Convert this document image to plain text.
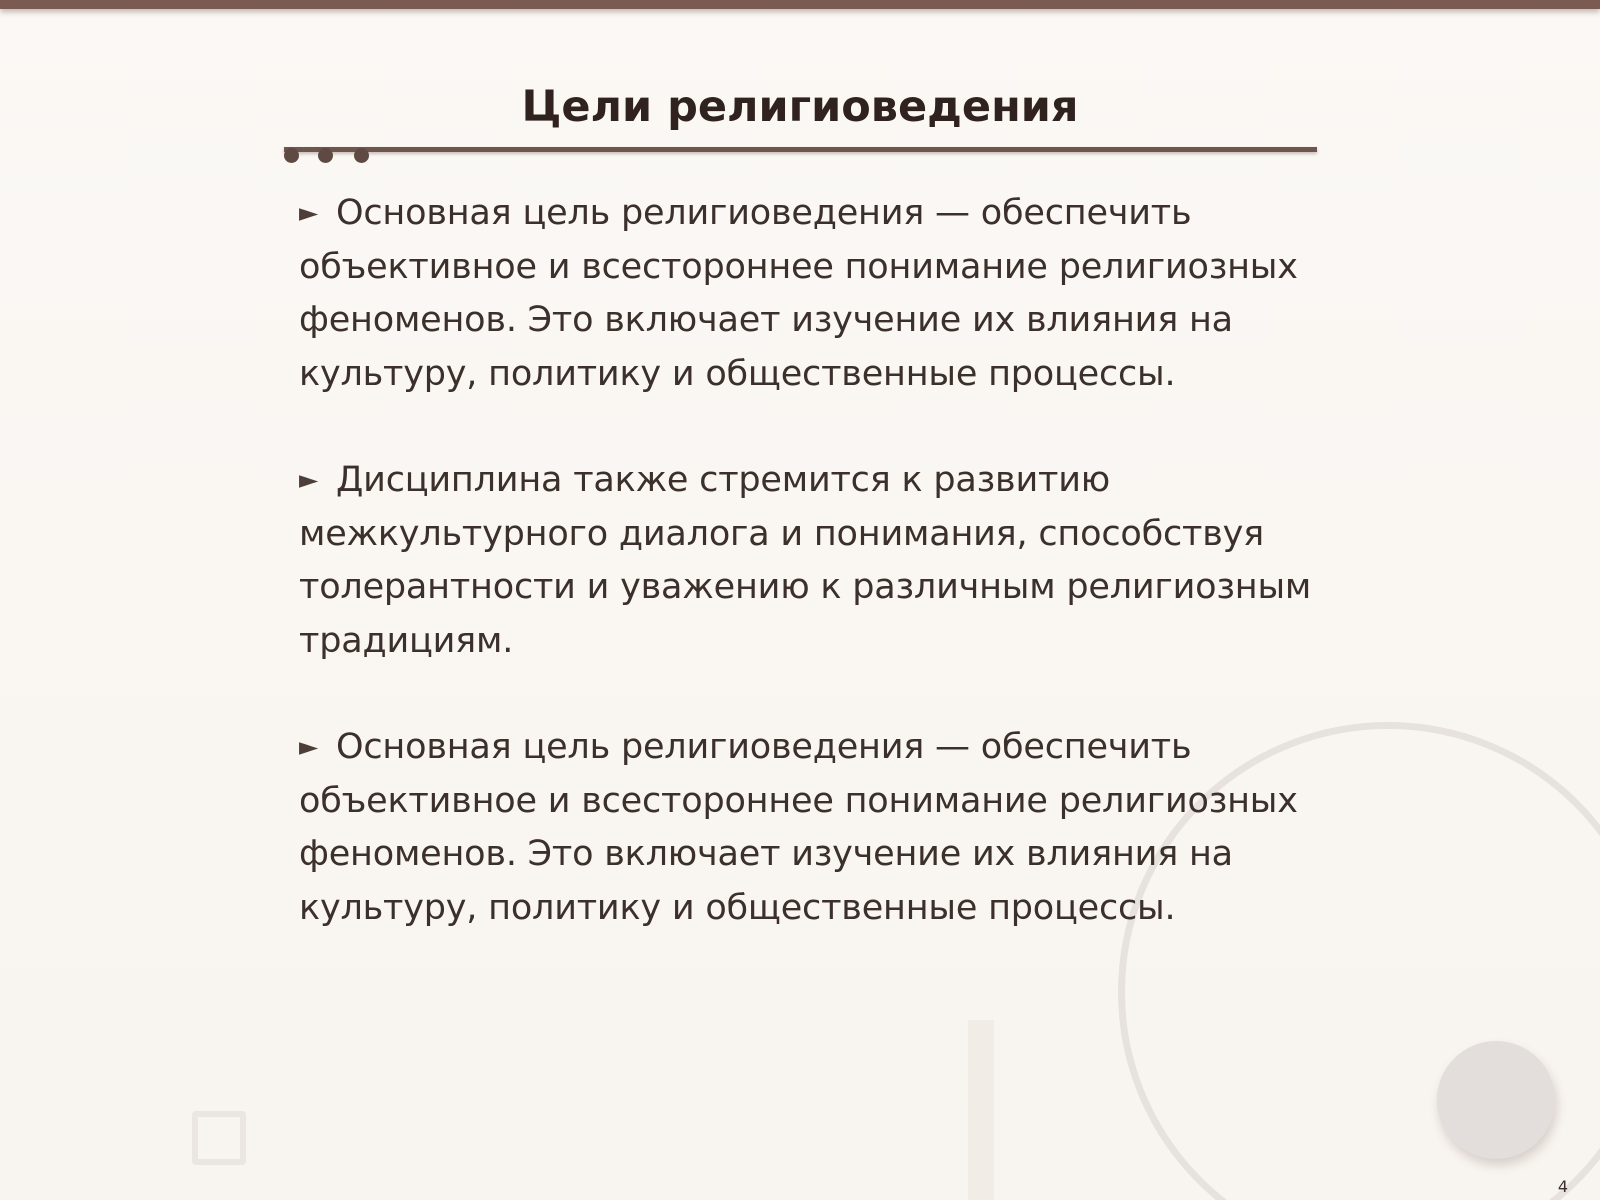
Цели религиоведения

► Основная цель религиоведения — обеспечить объективное и всестороннее понимание религиозных феноменов. Это включает изучение их влияния на культуру, политику и общественные процессы.

► Дисциплина также стремится к развитию межкультурного диалога и понимания, способствуя толерантности и уважению к различным религиозным традициям.

► Основная цель религиоведения — обеспечить объективное и всестороннее понимание религиозных феноменов. Это включает изучение их влияния на культуру, политику и общественные процессы.

4
